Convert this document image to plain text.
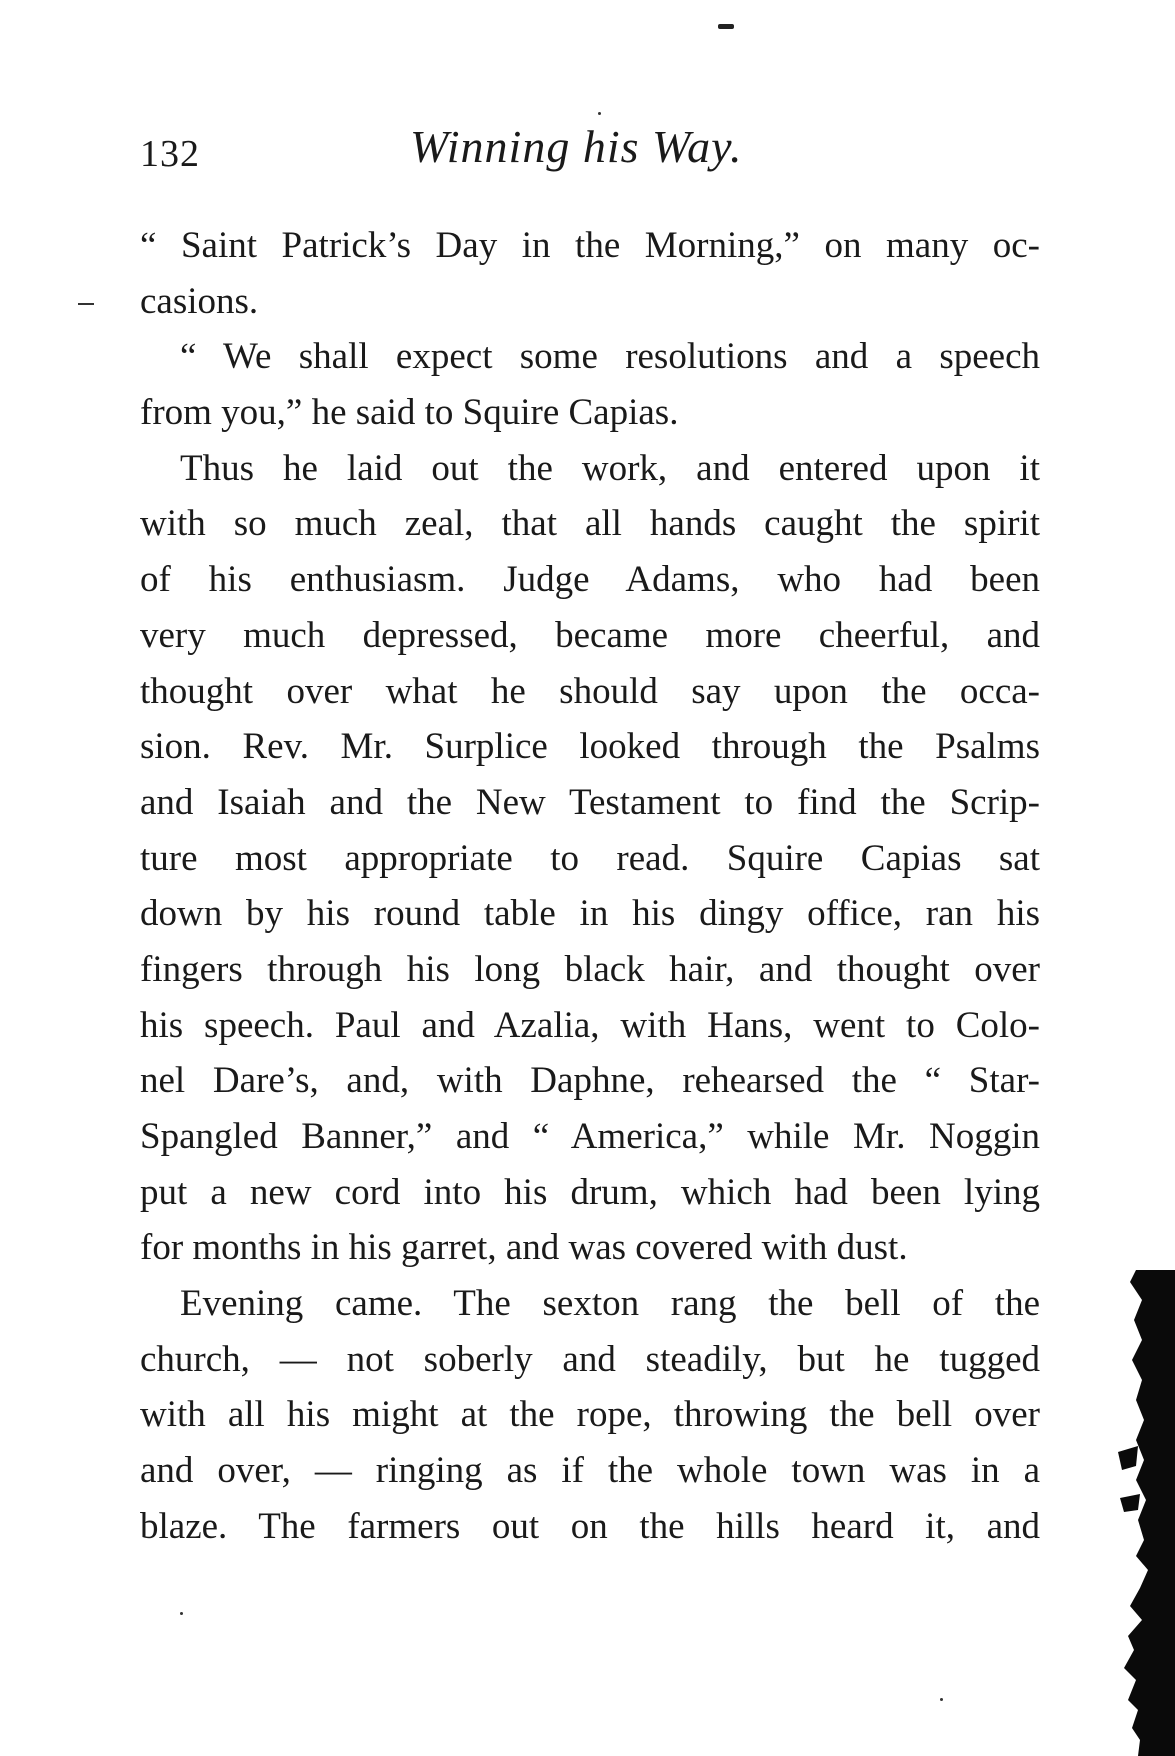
132	Winning his Way.
“ Saint Patrick’s Day in the Morning,” on many oc-
casions.
“ We shall expect some resolutions and a speech
from you,” he said to Squire Capias.
Thus he laid out the work, and entered upon it
with so much zeal, that all hands caught the spirit
of his enthusiasm. Judge Adams, who had been
very much depressed, became more cheerful, and
thought over what he should say upon the occa-
sion. Rev. Mr. Surplice looked through the Psalms
and Isaiah and the New Testament to find the Scrip-
ture most appropriate to read. Squire Capias sat
down by his round table in his dingy office, ran his
fingers through his long black hair, and thought over
his speech. Paul and Azalia, with Hans, went to Colo-
nel Dare’s, and, with Daphne, rehearsed the “ Star-
Spangled Banner,” and “ America,” while Mr. Noggin
put a new cord into his drum, which had been lying
for months in his garret, and was covered with dust.
Evening came. The sexton rang the bell of the
church, — not soberly and steadily, but he tugged
with all his might at the rope, throwing the bell over
and over, — ringing as if the whole town was in a
blaze. The farmers out on the hills heard it, and
